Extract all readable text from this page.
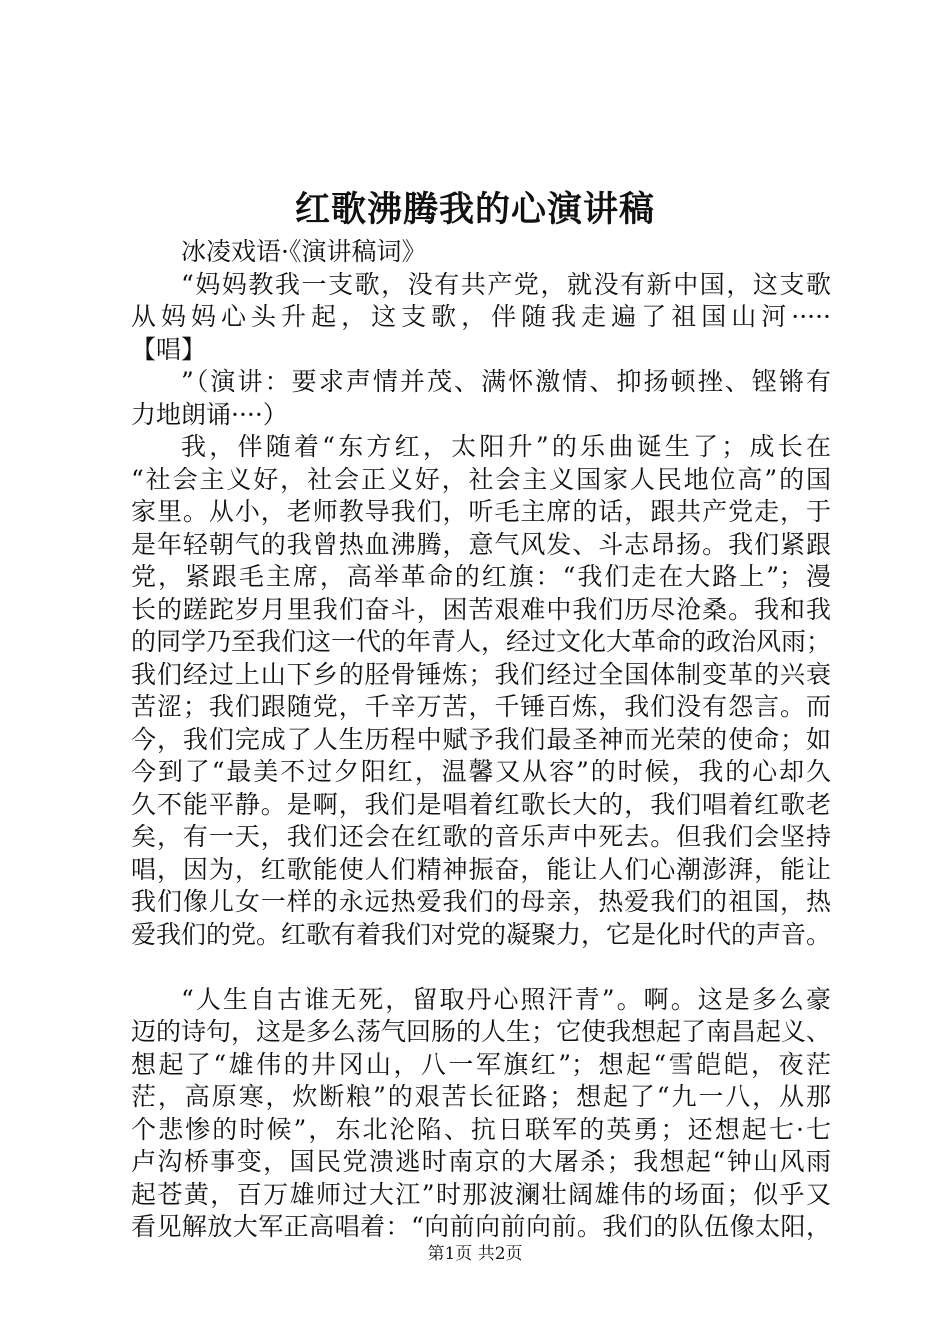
红歌沸腾我的心演讲稿
冰凌戏语·《演讲稿词》
“妈妈教我一支歌，没有共产党，就没有新中国，这支歌
从妈妈心头升起，这支歌，伴随我走遍了祖国山河·····
【唱】
”（演讲：要求声情并茂、满怀激情、抑扬顿挫、铿锵有
力地朗诵····）
我，伴随着“东方红，太阳升”的乐曲诞生了；成长在
“社会主义好，社会正义好，社会主义国家人民地位高”的国
家里。从小，老师教导我们，听毛主席的话，跟共产党走，于
是年轻朝气的我曾热血沸腾，意气风发、斗志昂扬。我们紧跟
党，紧跟毛主席，高举革命的红旗：“我们走在大路上”；漫
长的蹉跎岁月里我们奋斗，困苦艰难中我们历尽沧桑。我和我
的同学乃至我们这一代的年青人，经过文化大革命的政治风雨；
我们经过上山下乡的胫骨锤炼；我们经过全国体制变革的兴衰
苦涩；我们跟随党，千辛万苦，千锤百炼，我们没有怨言。而
今，我们完成了人生历程中赋予我们最圣神而光荣的使命；如
今到了“最美不过夕阳红，温馨又从容”的时候，我的心却久
久不能平静。是啊，我们是唱着红歌长大的，我们唱着红歌老
矣，有一天，我们还会在红歌的音乐声中死去。但我们会坚持
唱，因为，红歌能使人们精神振奋，能让人们心潮澎湃，能让
我们像儿女一样的永远热爱我们的母亲，热爱我们的祖国，热
爱我们的党。红歌有着我们对党的凝聚力，它是化时代的声音。
“人生自古谁无死，留取丹心照汗青”。啊。这是多么豪
迈的诗句，这是多么荡气回肠的人生；它使我想起了南昌起义、
想起了“雄伟的井冈山，八一军旗红”；想起“雪皑皑，夜茫
茫，高原寒，炊断粮”的艰苦长征路；想起了“九一八，从那
个悲惨的时候”，东北沦陷、抗日联军的英勇；还想起七·七
卢沟桥事变，国民党溃逃时南京的大屠杀；我想起“钟山风雨
起苍黄，百万雄师过大江”时那波澜壮阔雄伟的场面；似乎又
看见解放大军正高唱着：“向前向前向前。我们的队伍像太阳，
第1页 共2页
